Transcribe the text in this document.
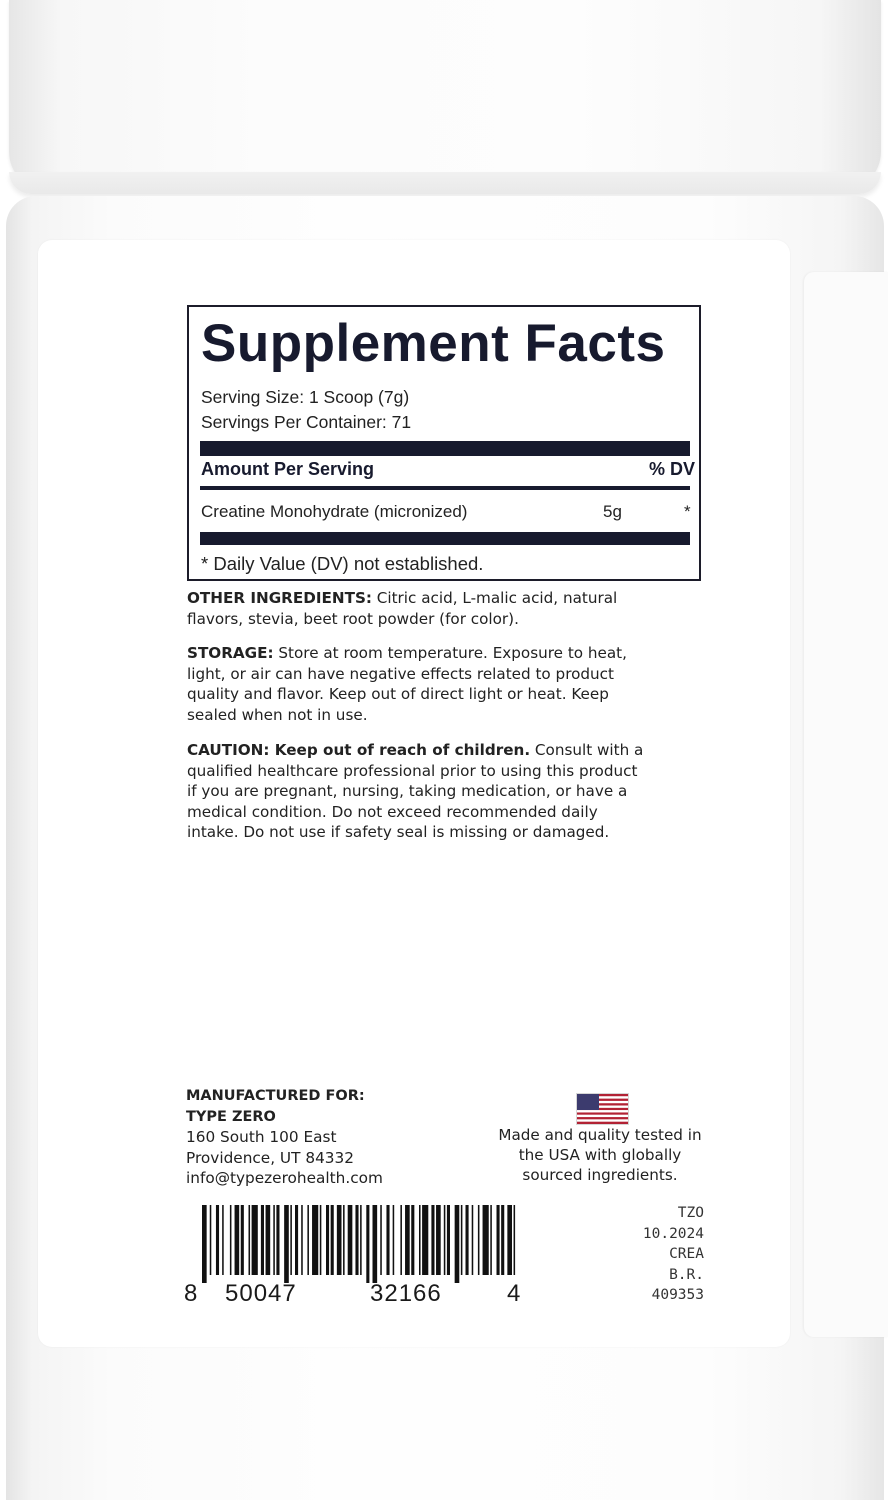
Supplement Facts
Serving Size: 1 Scoop (7g)
Servings Per Container: 71
Amount Per Serving	% DV
Creatine Monohydrate (micronized)	5g	*
* Daily Value (DV) not established.
OTHER INGREDIENTS: Citric acid, L-malic acid, natural
flavors, stevia, beet root powder (for color).
STORAGE: Store at room temperature. Exposure to heat,
light, or air can have negative effects related to product
quality and flavor. Keep out of direct light or heat. Keep
sealed when not in use.
CAUTION: Keep out of reach of children. Consult with a
qualified healthcare professional prior to using this product
if you are pregnant, nursing, taking medication, or have a
medical condition. Do not exceed recommended daily
intake. Do not use if safety seal is missing or damaged.
MANUFACTURED FOR:
TYPE ZERO
160 South 100 East
Providence, UT 84332
info@typezerohealth.com
Made and quality tested in
the USA with globally
sourced ingredients.
8 50047	32166	4
TZO
10.2024
CREA
B.R.
409353
